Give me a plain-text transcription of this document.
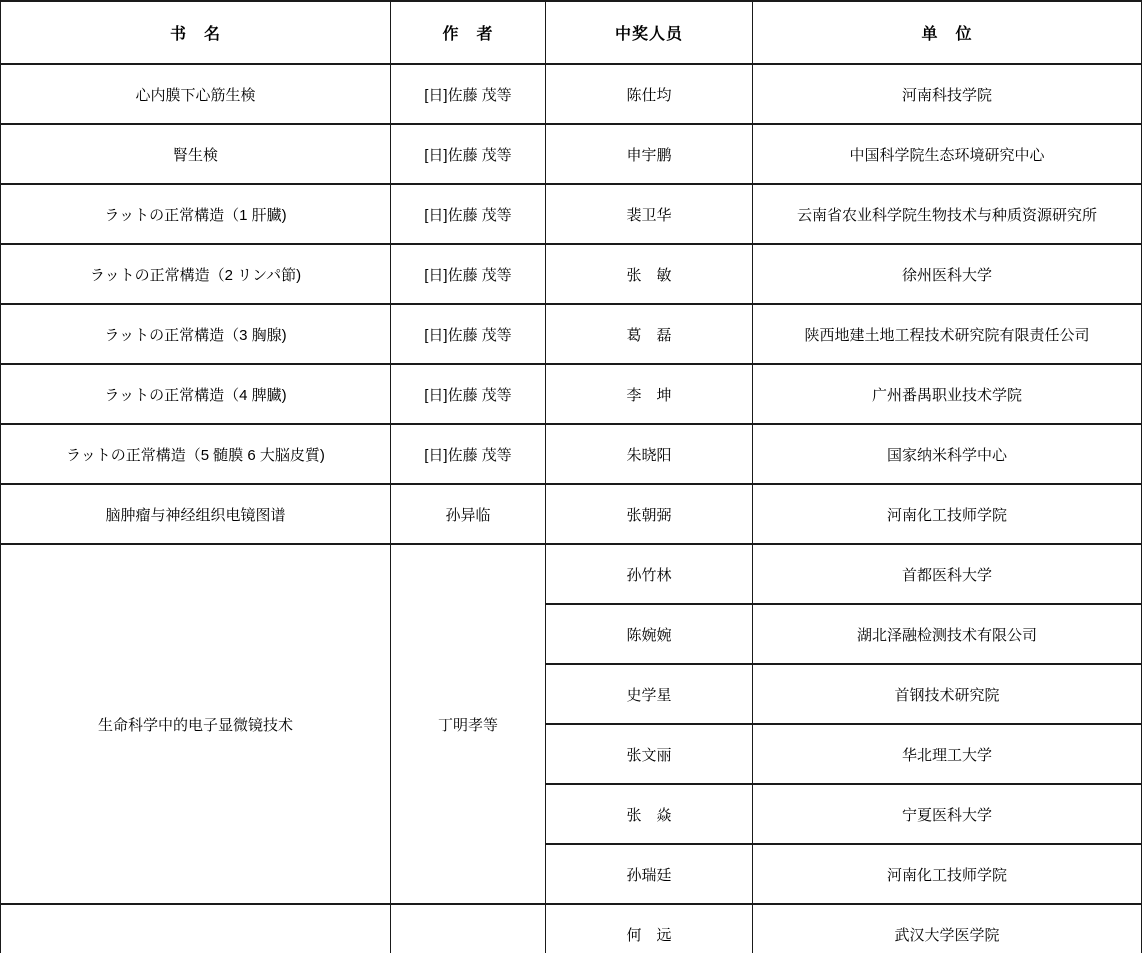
书　名	作　者	中奖人员	单　位
心内膜下心筋生検	[日]佐藤 茂等	陈仕均	河南科技学院
腎生検	[日]佐藤 茂等	申宇鹏	中国科学院生态环境研究中心
ラットの正常構造（1 肝臓)	[日]佐藤 茂等	裴卫华	云南省农业科学院生物技术与种质资源研究所
ラットの正常構造（2 リンパ節)	[日]佐藤 茂等	张　敏	徐州医科大学
ラットの正常構造（3 胸腺)	[日]佐藤 茂等	葛　磊	陕西地建土地工程技术研究院有限责任公司
ラットの正常構造（4 脾臓)	[日]佐藤 茂等	李　坤	广州番禺职业技术学院
ラットの正常構造（5 髄膜 6 大脳皮質)	[日]佐藤 茂等	朱晓阳	国家纳米科学中心
脑肿瘤与神经组织电镜图谱	孙异临	张朝弼	河南化工技师学院
生命科学中的电子显微镜技术	丁明孝等	孙竹林	首都医科大学
		陈婉婉	湖北泽融检测技术有限公司
		史学星	首钢技术研究院
		张文丽	华北理工大学
		张　焱	宁夏医科大学
		孙瑞廷	河南化工技师学院
		何　远	武汉大学医学院
